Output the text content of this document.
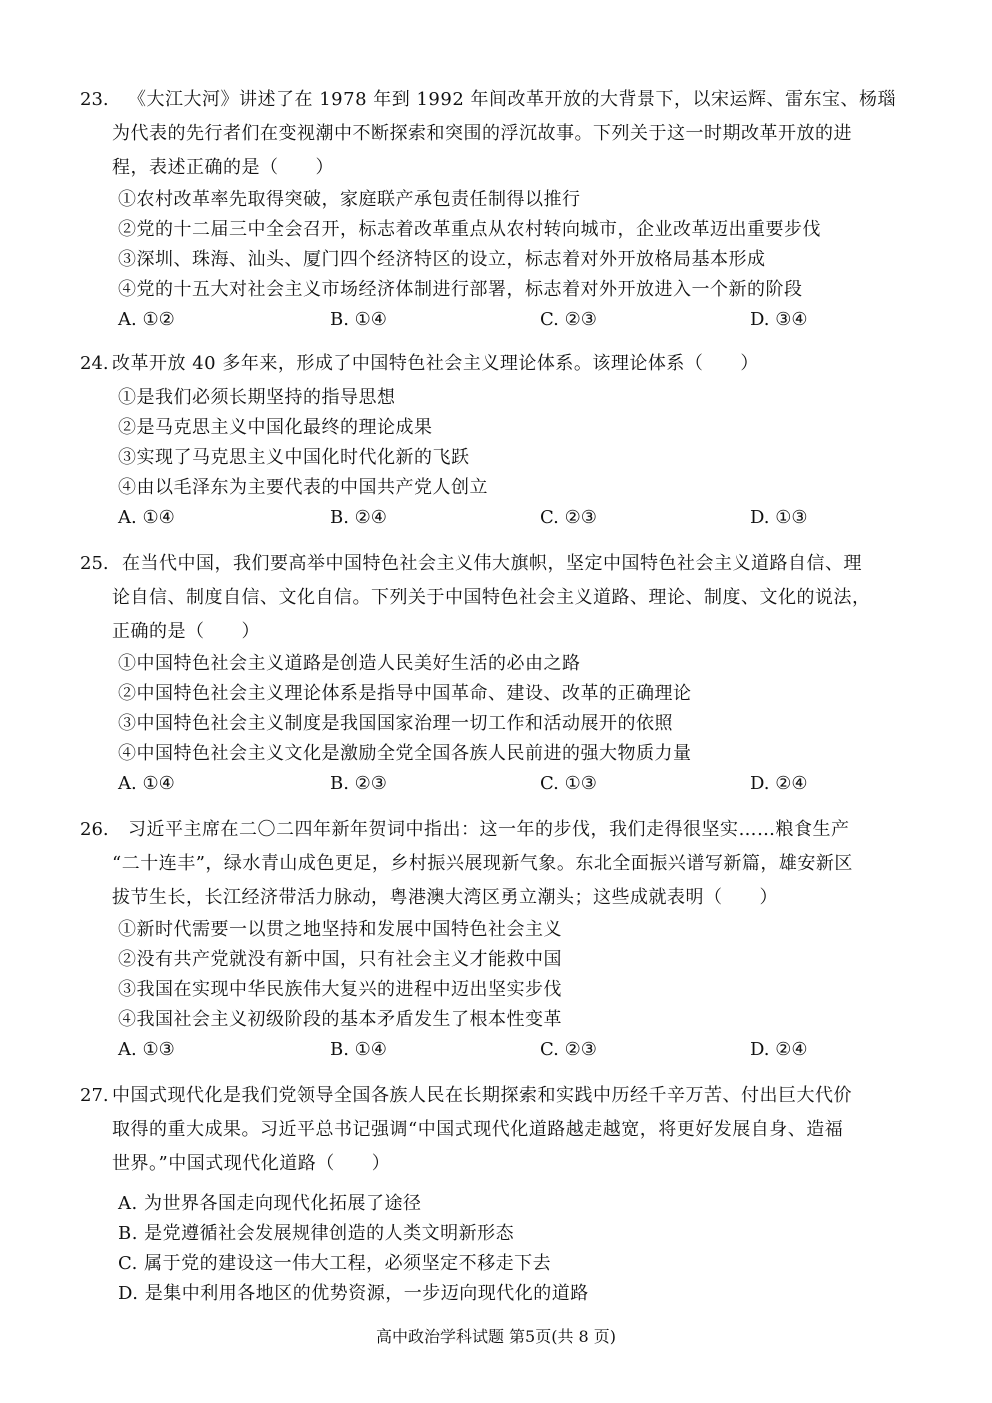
23. 《大江大河》讲述了在 1978 年到 1992 年间改革开放的大背景下，以宋运辉、雷东宝、杨瑙
为代表的先行者们在变视潮中不断探索和突围的浮沉故事。下列关于这一时期改革开放的进
程，表述正确的是（　　）
①农村改革率先取得突破，家庭联产承包责任制得以推行
②党的十二届三中全会召开，标志着改革重点从农村转向城市，企业改革迈出重要步伐
③深圳、珠海、汕头、厦门四个经济特区的设立，标志着对外开放格局基本形成
④党的十五大对社会主义市场经济体制进行部署，标志着对外开放进入一个新的阶段
A. ①②	B. ①④	C. ②③	D. ③④
24. 改革开放 40 多年来，形成了中国特色社会主义理论体系。该理论体系（　　）
①是我们必须长期坚持的指导思想
②是马克思主义中国化最终的理论成果
③实现了马克思主义中国化时代化新的飞跃
④由以毛泽东为主要代表的中国共产党人创立
A. ①④	B. ②④	C. ②③	D. ①③
25. 在当代中国，我们要高举中国特色社会主义伟大旗帜，坚定中国特色社会主义道路自信、理
论自信、制度自信、文化自信。下列关于中国特色社会主义道路、理论、制度、文化的说法，
正确的是（　　）
①中国特色社会主义道路是创造人民美好生活的必由之路
②中国特色社会主义理论体系是指导中国革命、建设、改革的正确理论
③中国特色社会主义制度是我国国家治理一切工作和活动展开的依照
④中国特色社会主义文化是激励全党全国各族人民前进的强大物质力量
A. ①④	B. ②③	C. ①③	D. ②④
26. 习近平主席在二〇二四年新年贺词中指出：这一年的步伐，我们走得很坚实……粮食生产
“二十连丰”，绿水青山成色更足，乡村振兴展现新气象。东北全面振兴谱写新篇，雄安新区
拔节生长，长江经济带活力脉动，粤港澳大湾区勇立潮头；这些成就表明（　　）
①新时代需要一以贯之地坚持和发展中国特色社会主义
②没有共产党就没有新中国，只有社会主义才能救中国
③我国在实现中华民族伟大复兴的进程中迈出坚实步伐
④我国社会主义初级阶段的基本矛盾发生了根本性变革
A. ①③	B. ①④	C. ②③	D. ②④
27. 中国式现代化是我们党领导全国各族人民在长期探索和实践中历经千辛万苦、付出巨大代价
取得的重大成果。习近平总书记强调“中国式现代化道路越走越宽，将更好发展自身、造福
世界。”中国式现代化道路（　　）
A. 为世界各国走向现代化拓展了途径
B. 是党遵循社会发展规律创造的人类文明新形态
C. 属于党的建设这一伟大工程，必须坚定不移走下去
D. 是集中利用各地区的优势资源，一步迈向现代化的道路
高中政治学科试题 第5页(共 8 页)
